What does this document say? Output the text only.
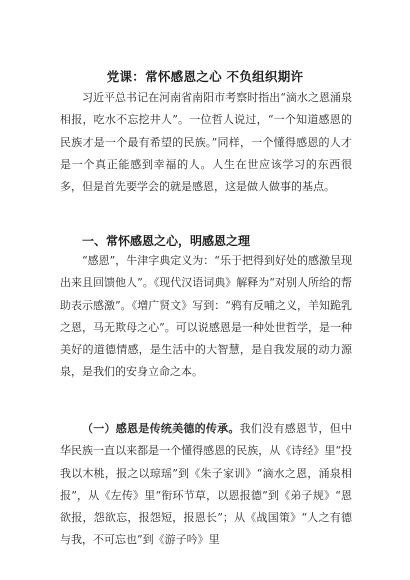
党课：常怀感恩之心 不负组织期许

习近平总书记在河南省南阳市考察时指出“滴水之恩涌泉相报，吃水不忘挖井人”。一位哲人说过，“一个知道感恩的民族才是一个最有希望的民族。”同样，一个懂得感恩的人才是一个真正能感到幸福的人。人生在世应该学习的东西很多，但是首先要学会的就是感恩，这是做人做事的基点。

一、常怀感恩之心，明感恩之理

“感恩”，牛津字典定义为：“乐于把得到好处的感激呈现出来且回馈他人”。《现代汉语词典》解释为“对别人所给的帮助表示感激”。《增广贤文》写到：“鸦有反哺之义，羊知跪乳之恩，马无欺母之心”。可以说感恩是一种处世哲学，是一种美好的道德情感，是生活中的大智慧，是自我发展的动力源泉，是我们的安身立命之本。

（一）感恩是传统美德的传承。我们没有感恩节，但中华民族一直以来都是一个懂得感恩的民族，从《诗经》里“投我以木桃，报之以琼瑶”到《朱子家训》“滴水之恩，涌泉相报”，从《左传》里“衔环节草，以恩报德”到《弟子规》“恩欲报，怨欲忘，报怨短，报恩长”；从《战国策》“人之有德与我，不可忘也”到《游子吟》里
